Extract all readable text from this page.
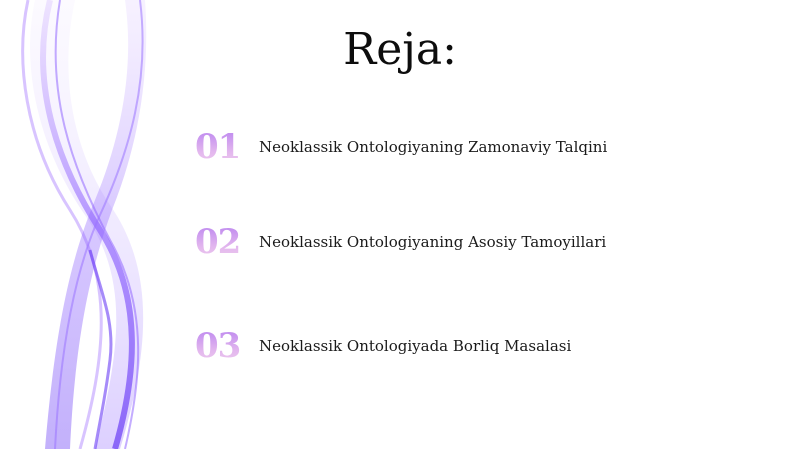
Reja:
01	Neoklassik Ontologiyaning Zamonaviy Talqini
02	Neoklassik Ontologiyaning Asosiy Tamoyillari
03	Neoklassik Ontologiyada Borliq Masalasi
